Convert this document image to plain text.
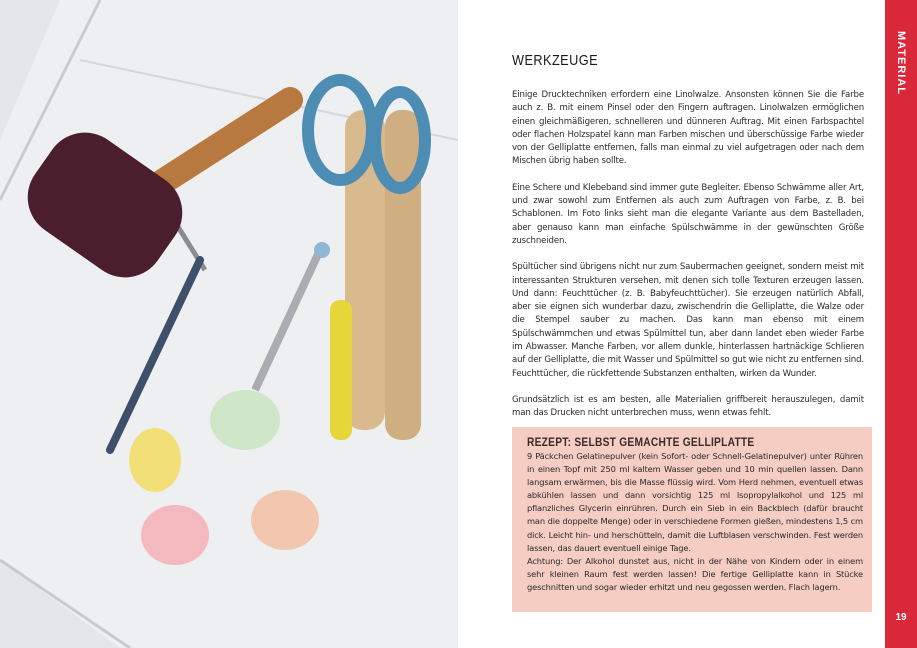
WERKZEUGE

Einige Drucktechniken erfordern eine Linolwalze. Ansonsten können Sie die Farbe auch z. B. mit einem Pinsel oder den Fingern auftragen. Linolwalzen ermöglichen einen gleichmäßigeren, schnelleren und dünneren Auftrag. Mit einen Farbspachtel oder flachen Holzspatel kann man Farben mischen und überschüssige Farbe wieder von der Gelliplatte entfernen, falls man einmal zu viel aufgetragen oder nach dem Mischen übrig haben sollte.

Eine Schere und Klebeband sind immer gute Begleiter. Ebenso Schwämme aller Art, und zwar sowohl zum Entfernen als auch zum Auftragen von Farbe, z. B. bei Schablonen. Im Foto links sieht man die elegante Variante aus dem Bastelladen, aber genauso kann man einfache Spülschwämme in der gewünschten Größe zuschneiden.

Spültücher sind übrigens nicht nur zum Saubermachen geeignet, sondern meist mit interessanten Strukturen versehen, mit denen sich tolle Texturen erzeugen lassen. Und dann: Feuchttücher (z. B. Babyfeuchttücher). Sie erzeugen natürlich Abfall, aber sie eignen sich wunderbar dazu, zwischendrin die Gelliplatte, die Walze oder die Stempel sauber zu machen. Das kann man ebenso mit einem Spülschwämmchen und etwas Spülmittel tun, aber dann landet eben wieder Farbe im Abwasser. Manche Farben, vor allem dunkle, hinterlassen hartnäckige Schlieren auf der Gelliplatte, die mit Wasser und Spülmittel so gut wie nicht zu entfernen sind. Feuchttücher, die rückfettende Substanzen enthalten, wirken da Wunder.

Grundsätzlich ist es am besten, alle Materialien griffbereit herauszulegen, damit man das Drucken nicht unterbrechen muss, wenn etwas fehlt.

REZEPT: SELBST GEMACHTE GELLIPLATTE

9 Päckchen Gelatinepulver (kein Sofort- oder Schnell-Gelatinepulver) unter Rühren in einen Topf mit 250 ml kaltem Wasser geben und 10 min quellen lassen. Dann langsam erwärmen, bis die Masse flüssig wird. Vom Herd nehmen, eventuell etwas abkühlen lassen und dann vorsichtig 125 ml Isopropylalkohol und 125 ml pflanzliches Glycerin einrühren. Durch ein Sieb in ein Backblech (dafür braucht man die doppelte Menge) oder in verschiedene Formen gießen, mindestens 1,5 cm dick. Leicht hin- und herschütteln, damit die Luftblasen verschwinden. Fest werden lassen, das dauert eventuell einige Tage.

Achtung: Der Alkohol dunstet aus, nicht in der Nähe von Kindern oder in einem sehr kleinen Raum fest werden lassen! Die fertige Gelliplatte kann in Stücke geschnitten und sogar wieder erhitzt und neu gegossen werden. Flach lagern.

MATERIAL
19
